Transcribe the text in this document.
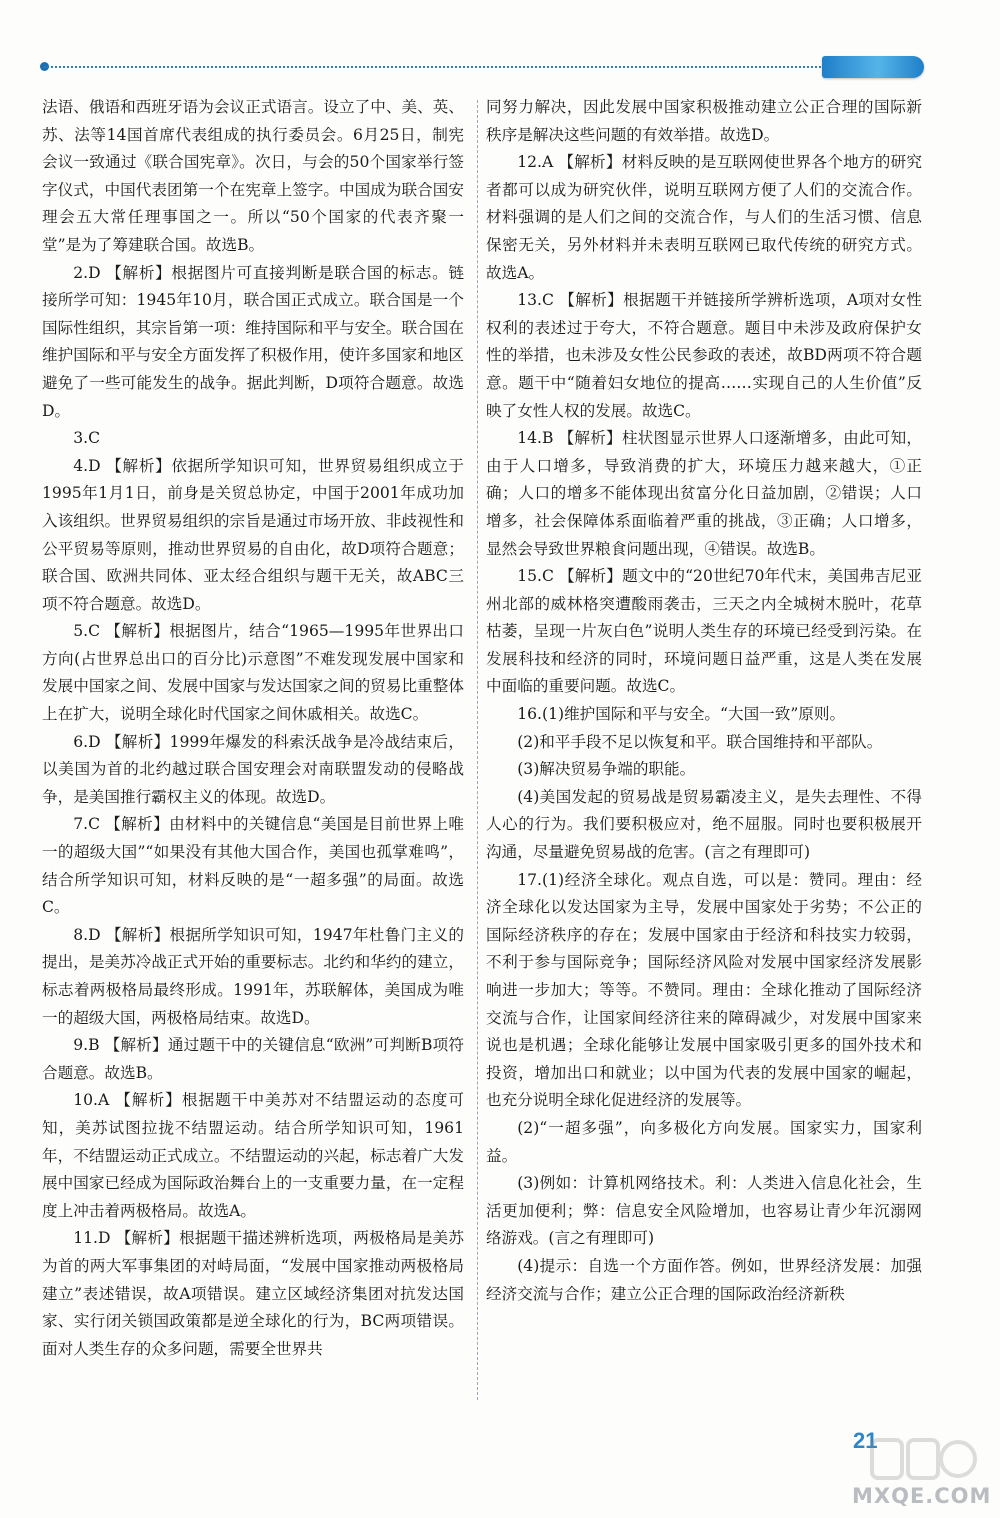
法语、俄语和西班牙语为会议正式语言。设立了中、美、英、苏、法等14国首席代表组成的执行委员会。6月25日，制宪会议一致通过《联合国宪章》。次日，与会的50个国家举行签字仪式，中国代表团第一个在宪章上签字。中国成为联合国安理会五大常任理事国之一。所以“50个国家的代表齐聚一堂”是为了筹建联合国。故选B。

2.D 【解析】根据图片可直接判断是联合国的标志。链接所学可知：1945年10月，联合国正式成立。联合国是一个国际性组织，其宗旨第一项：维持国际和平与安全。联合国在维护国际和平与安全方面发挥了积极作用，使许多国家和地区避免了一些可能发生的战争。据此判断，D项符合题意。故选D。

3.C

4.D 【解析】依据所学知识可知，世界贸易组织成立于1995年1月1日，前身是关贸总协定，中国于2001年成功加入该组织。世界贸易组织的宗旨是通过市场开放、非歧视性和公平贸易等原则，推动世界贸易的自由化，故D项符合题意；联合国、欧洲共同体、亚太经合组织与题干无关，故ABC三项不符合题意。故选D。

5.C 【解析】根据图片，结合“1965—1995年世界出口方向(占世界总出口的百分比)示意图”不难发现发展中国家和发展中国家之间、发展中国家与发达国家之间的贸易比重整体上在扩大，说明全球化时代国家之间休戚相关。故选C。

6.D 【解析】1999年爆发的科索沃战争是冷战结束后，以美国为首的北约越过联合国安理会对南联盟发动的侵略战争，是美国推行霸权主义的体现。故选D。

7.C 【解析】由材料中的关键信息“美国是目前世界上唯一的超级大国”“如果没有其他大国合作，美国也孤掌难鸣”，结合所学知识可知，材料反映的是“一超多强”的局面。故选C。

8.D 【解析】根据所学知识可知，1947年杜鲁门主义的提出，是美苏冷战正式开始的重要标志。北约和华约的建立，标志着两极格局最终形成。1991年，苏联解体，美国成为唯一的超级大国，两极格局结束。故选D。

9.B 【解析】通过题干中的关键信息“欧洲”可判断B项符合题意。故选B。

10.A 【解析】根据题干中美苏对不结盟运动的态度可知，美苏试图拉拢不结盟运动。结合所学知识可知，1961年，不结盟运动正式成立。不结盟运动的兴起，标志着广大发展中国家已经成为国际政治舞台上的一支重要力量，在一定程度上冲击着两极格局。故选A。

11.D 【解析】根据题干描述辨析选项，两极格局是美苏为首的两大军事集团的对峙局面，“发展中国家推动两极格局建立”表述错误，故A项错误。建立区域经济集团对抗发达国家、实行闭关锁国政策都是逆全球化的行为，BC两项错误。面对人类生存的众多问题，需要全世界共

同努力解决，因此发展中国家积极推动建立公正合理的国际新秩序是解决这些问题的有效举措。故选D。

12.A 【解析】材料反映的是互联网使世界各个地方的研究者都可以成为研究伙伴，说明互联网方便了人们的交流合作。材料强调的是人们之间的交流合作，与人们的生活习惯、信息保密无关，另外材料并未表明互联网已取代传统的研究方式。故选A。

13.C 【解析】根据题干并链接所学辨析选项，A项对女性权利的表述过于夸大，不符合题意。题目中未涉及政府保护女性的举措，也未涉及女性公民参政的表述，故BD两项不符合题意。题干中“随着妇女地位的提高……实现自己的人生价值”反映了女性人权的发展。故选C。

14.B 【解析】柱状图显示世界人口逐渐增多，由此可知，由于人口增多，导致消费的扩大，环境压力越来越大，①正确；人口的增多不能体现出贫富分化日益加剧，②错误；人口增多，社会保障体系面临着严重的挑战，③正确；人口增多，显然会导致世界粮食问题出现，④错误。故选B。

15.C 【解析】题文中的“20世纪70年代末，美国弗吉尼亚州北部的威林格突遭酸雨袭击，三天之内全城树木脱叶，花草枯萎，呈现一片灰白色”说明人类生存的环境已经受到污染。在发展科技和经济的同时，环境问题日益严重，这是人类在发展中面临的重要问题。故选C。

16.(1)维护国际和平与安全。“大国一致”原则。

(2)和平手段不足以恢复和平。联合国维持和平部队。

(3)解决贸易争端的职能。

(4)美国发起的贸易战是贸易霸凌主义，是失去理性、不得人心的行为。我们要积极应对，绝不屈服。同时也要积极展开沟通，尽量避免贸易战的危害。(言之有理即可)

17.(1)经济全球化。观点自选，可以是：赞同。理由：经济全球化以发达国家为主导，发展中国家处于劣势；不公正的国际经济秩序的存在；发展中国家由于经济和科技实力较弱，不利于参与国际竞争；国际经济风险对发展中国家经济发展影响进一步加大；等等。不赞同。理由：全球化推动了国际经济交流与合作，让国家间经济往来的障碍减少，对发展中国家来说也是机遇；全球化能够让发展中国家吸引更多的国外技术和投资，增加出口和就业；以中国为代表的发展中国家的崛起，也充分说明全球化促进经济的发展等。

(2)“一超多强”，向多极化方向发展。国家实力，国家利益。

(3)例如：计算机网络技术。利：人类进入信息化社会，生活更加便利；弊：信息安全风险增加，也容易让青少年沉溺网络游戏。(言之有理即可)

(4)提示：自选一个方面作答。例如，世界经济发展：加强经济交流与合作；建立公正合理的国际政治经济新秩

21
MXQE.COM
